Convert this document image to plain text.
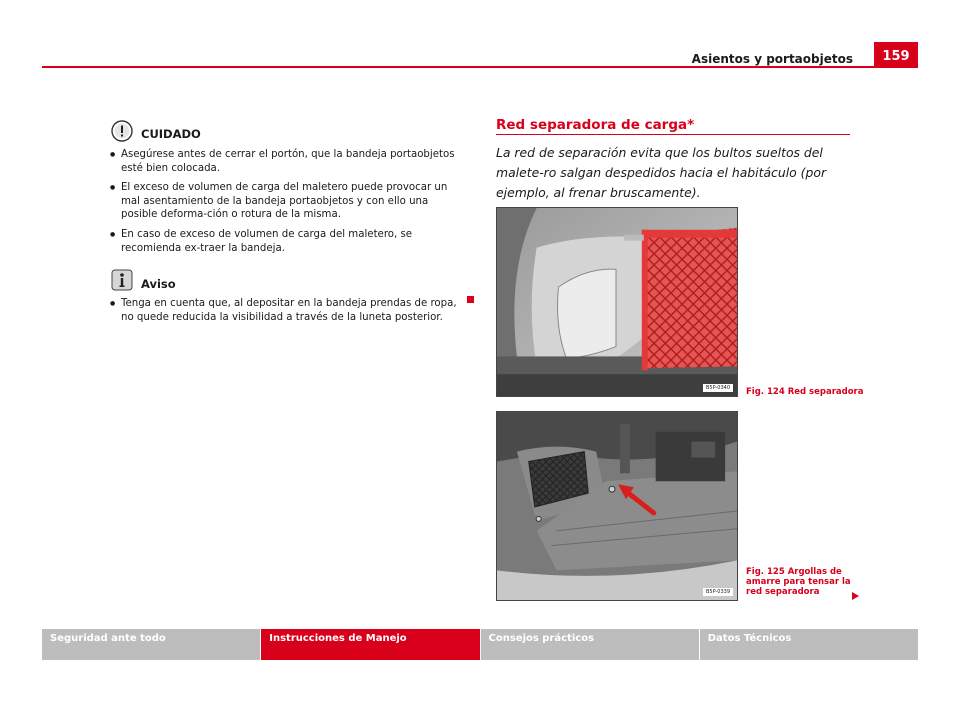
Asientos y portaobjetos	159
CUIDADO

● Asegúrese antes de cerrar el portón, que la bandeja portaobjetos esté bien colocada.

● El exceso de volumen de carga del maletero puede provocar un mal asentamiento de la bandeja portaobjetos y con ello una posible deforma-ción o rotura de la misma.

● En caso de exceso de volumen de carga del maletero, se recomienda ex-traer la bandeja.

Aviso

● Tenga en cuenta que, al depositar en la bandeja prendas de ropa, no quede reducida la visibilidad a través de la luneta posterior.

Red separadora de carga*

La red de separación evita que los bultos sueltos del malete-ro salgan despedidos hacia el habitáculo (por ejemplo, al frenar bruscamente).

B5P-0340	Fig. 124 Red separadora
B5P-0339
Fig. 125 Argollas de amarre para tensar la red separadora
Seguridad ante todo	Instrucciones de Manejo	Consejos prácticos	Datos Técnicos
